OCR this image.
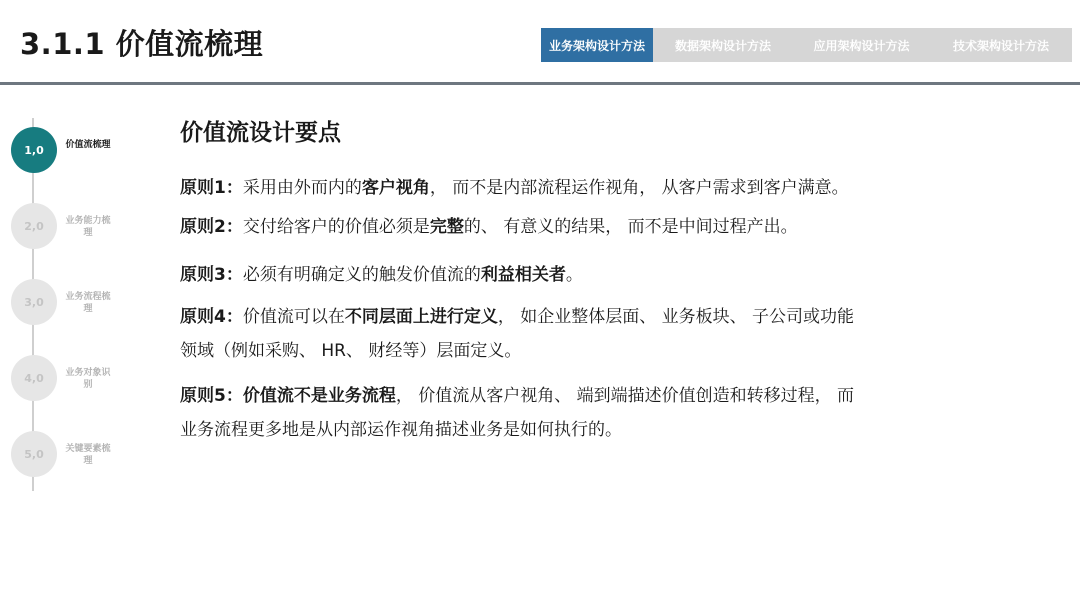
3.1.1 价值流梳理	业务架构设计方法	数据架构设计方法	应用架构设计方法	技术架构设计方法
1,0	价值流梳理
2,0	业务能力梳理
3,0	业务流程梳理
4,0	业务对象识别
5,0	关键要素梳理
价值流设计要点
原则1：采用由外而内的客户视角， 而不是内部流程运作视角， 从客户需求到客户满意。
原则2：交付给客户的价值必须是完整的、 有意义的结果， 而不是中间过程产出。
原则3：必须有明确定义的触发价值流的利益相关者。
原则4：价值流可以在不同层面上进行定义， 如企业整体层面、 业务板块、 子公司或功能
领域（例如采购、 HR、 财经等）层面定义。
原则5：价值流不是业务流程， 价值流从客户视角、 端到端描述价值创造和转移过程， 而
业务流程更多地是从内部运作视角描述业务是如何执行的。
